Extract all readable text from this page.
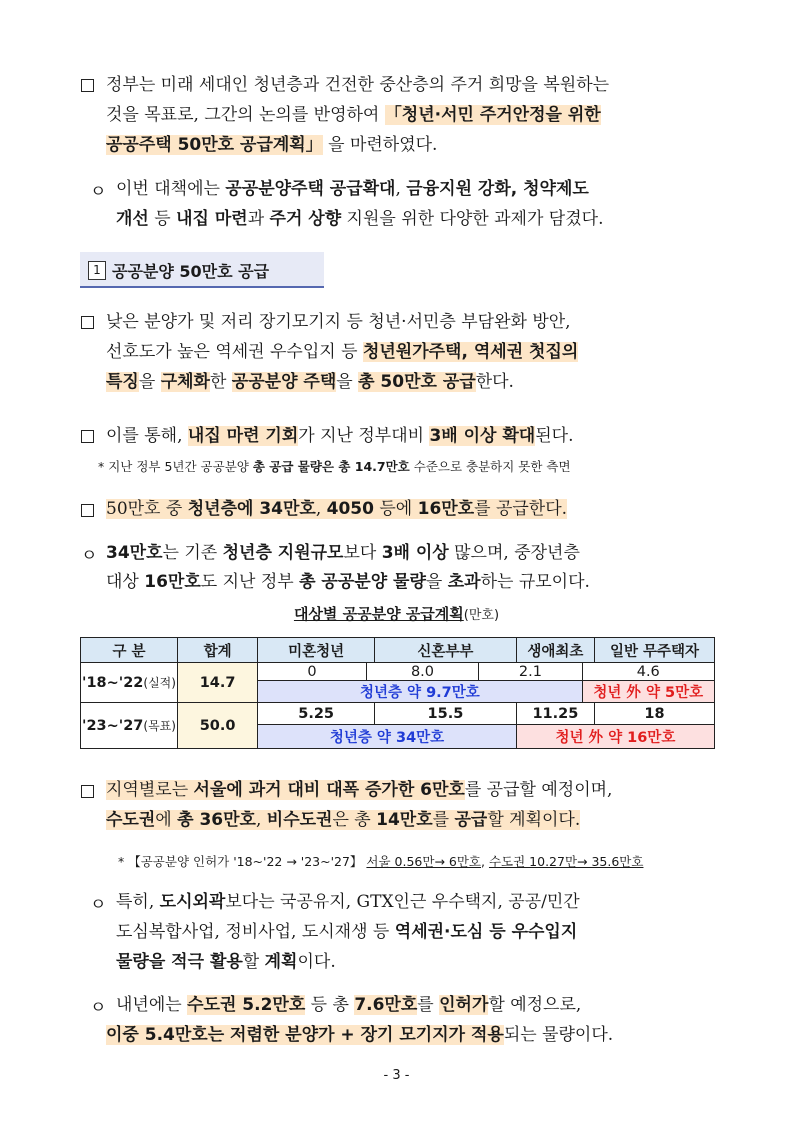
정부는 미래 세대인 청년층과 건전한 중산층의 주거 희망을 복원하는
것을 목표로, 그간의 논의를 반영하여 「청년·서민 주거안정을 위한
공공주택 50만호 공급계획」 을 마련하였다.
ㅇ 이번 대책에는 공공분양주택 공급확대, 금융지원 강화, 청약제도
개선 등 내집 마련과 주거 상향 지원을 위한 다양한 과제가 담겼다.
1 공공분양 50만호 공급
낮은 분양가 및 저리 장기모기지 등 청년·서민층 부담완화 방안,
선호도가 높은 역세권 우수입지 등 청년원가주택, 역세권 첫집의
특징을 구체화한 공공분양 주택을 총 50만호 공급한다.
이를 통해, 내집 마련 기회가 지난 정부대비 3배 이상 확대된다.
* 지난 정부 5년간 공공분양 총 공급 물량은 총 14.7만호 수준으로 충분하지 못한 측면
50만호 중 청년층에 34만호, 4050 등에 16만호를 공급한다.
ㅇ 34만호는 기존 청년층 지원규모보다 3배 이상 많으며, 중장년층
대상 16만호도 지난 정부 총 공공분양 물량을 초과하는 규모이다.
대상별 공공분양 공급계획(만호)
구 분	합계	미혼청년		신혼부부		생애최초		일반 무주택자
'18~'22(실적)	14.7	0	8.0		2.1		4.6	
		청년층 약 9.7만호					청년 外 약 5만호	
'23~'27(목표)	50.0	5.25		15.5		11.25		18
		청년층 약 34만호				청년 外 약 16만호		
지역별로는 서울에 과거 대비 대폭 증가한 6만호를 공급할 예정이며,
수도권에 총 36만호, 비수도권은 총 14만호를 공급할 계획이다.
* 【공공분양 인허가 '18~'22 → '23~'27】 서울 0.56만→ 6만호, 수도권 10.27만→ 35.6만호
ㅇ 특히, 도시외곽보다는 국공유지, GTX인근 우수택지, 공공/민간
도심복합사업, 정비사업, 도시재생 등 역세권·도심 등 우수입지
물량을 적극 활용할 계획이다.
ㅇ 내년에는 수도권 5.2만호 등 총 7.6만호를 인허가할 예정으로,
이중 5.4만호는 저렴한 분양가 + 장기 모기지가 적용되는 물량이다.
- 3 -
